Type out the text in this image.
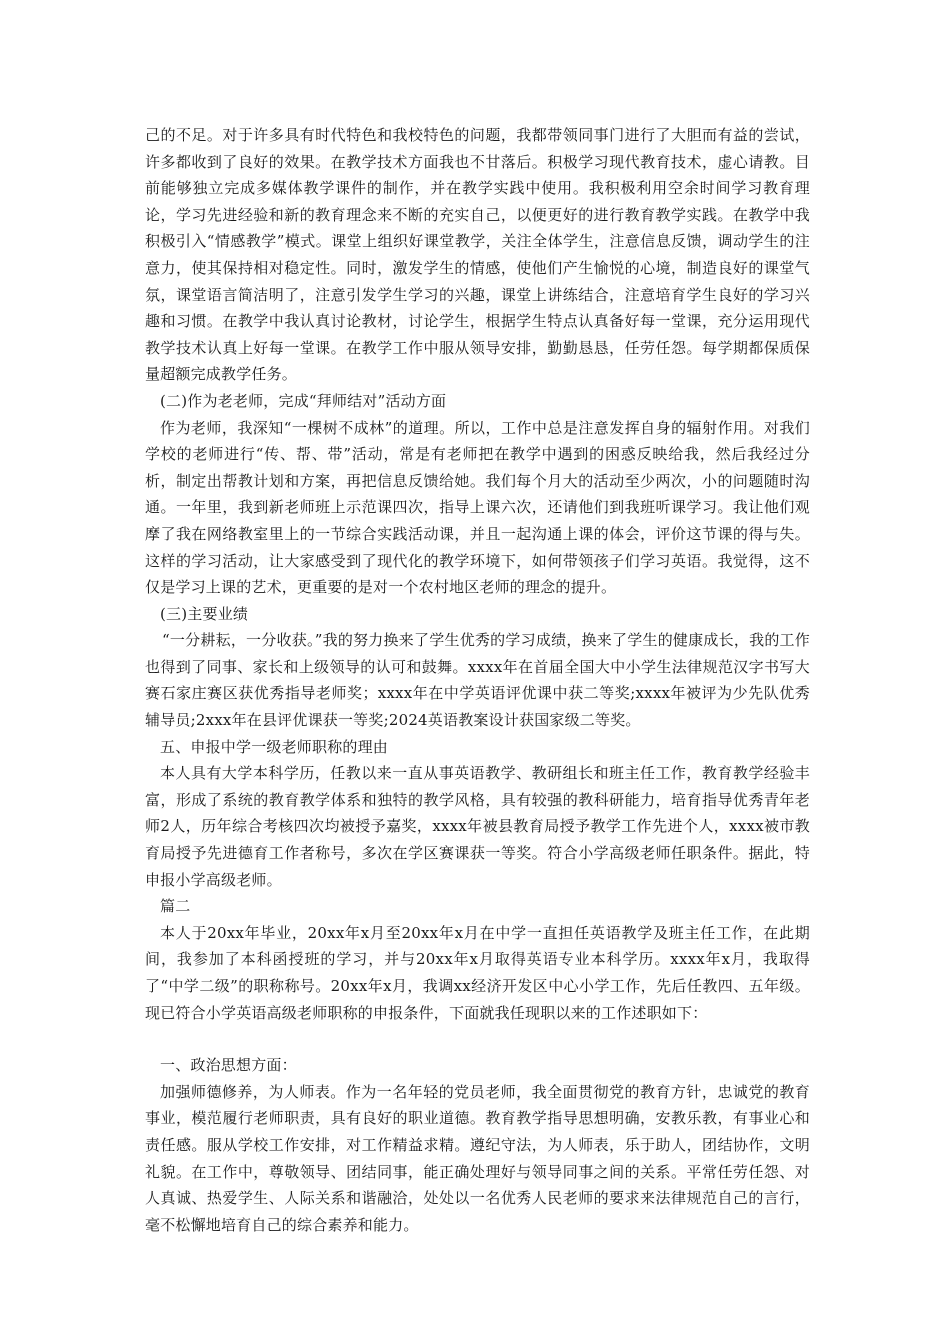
己的不足。对于许多具有时代特色和我校特色的问题，我都带领同事门进行了大胆而有益的尝试，许多都收到了良好的效果。在教学技术方面我也不甘落后。积极学习现代教育技术，虚心请教。目前能够独立完成多媒体教学课件的制作，并在教学实践中使用。我积极利用空余时间学习教育理论，学习先进经验和新的教育理念来不断的充实自己，以便更好的进行教育教学实践。在教学中我积极引入“情感教学”模式。课堂上组织好课堂教学，关注全体学生，注意信息反馈，调动学生的注意力，使其保持相对稳定性。同时，激发学生的情感，使他们产生愉悦的心境，制造良好的课堂气氛，课堂语言简洁明了，注意引发学生学习的兴趣，课堂上讲练结合，注意培育学生良好的学习兴趣和习惯。在教学中我认真讨论教材，讨论学生，根据学生特点认真备好每一堂课，充分运用现代教学技术认真上好每一堂课。在教学工作中服从领导安排，勤勤恳恳，任劳任怨。每学期都保质保量超额完成教学任务。

(二)作为老老师，完成“拜师结对”活动方面

作为老师，我深知“一棵树不成林”的道理。所以，工作中总是注意发挥自身的辐射作用。对我们学校的老师进行“传、帮、带”活动，常是有老师把在教学中遇到的困惑反映给我，然后我经过分析，制定出帮教计划和方案，再把信息反馈给她。我们每个月大的活动至少两次，小的问题随时沟通。一年里，我到新老师班上示范课四次，指导上课六次，还请他们到我班听课学习。我让他们观摩了我在网络教室里上的一节综合实践活动课，并且一起沟通上课的体会，评价这节课的得与失。这样的学习活动，让大家感受到了现代化的教学环境下，如何带领孩子们学习英语。我觉得，这不仅是学习上课的艺术，更重要的是对一个农村地区老师的理念的提升。

(三)主要业绩

“一分耕耘，一分收获。”我的努力换来了学生优秀的学习成绩，换来了学生的健康成长，我的工作也得到了同事、家长和上级领导的认可和鼓舞。xxxx年在首届全国大中小学生法律规范汉字书写大赛石家庄赛区获优秀指导老师奖；xxxx年在中学英语评优课中获二等奖;xxxx年被评为少先队优秀辅导员;2xxx年在县评优课获一等奖;2024英语教案设计获国家级二等奖。

五、申报中学一级老师职称的理由

本人具有大学本科学历，任教以来一直从事英语教学、教研组长和班主任工作，教育教学经验丰富，形成了系统的教育教学体系和独特的教学风格，具有较强的教科研能力，培育指导优秀青年老师2人，历年综合考核四次均被授予嘉奖，xxxx年被县教育局授予教学工作先进个人，xxxx被市教育局授予先进德育工作者称号，多次在学区赛课获一等奖。符合小学高级老师任职条件。据此，特申报小学高级老师。

篇二

本人于20xx年毕业，20xx年x月至20xx年x月在中学一直担任英语教学及班主任工作，在此期间，我参加了本科函授班的学习，并与20xx年x月取得英语专业本科学历。xxxx年x月，我取得了“中学二级”的职称称号。20xx年x月，我调xx经济开发区中心小学工作，先后任教四、五年级。现已符合小学英语高级老师职称的申报条件，下面就我任现职以来的工作述职如下：

一、政治思想方面：

加强师德修养，为人师表。作为一名年轻的党员老师，我全面贯彻党的教育方针，忠诚党的教育事业，模范履行老师职责，具有良好的职业道德。教育教学指导思想明确，安教乐教，有事业心和责任感。服从学校工作安排，对工作精益求精。遵纪守法，为人师表，乐于助人，团结协作，文明礼貌。在工作中，尊敬领导、团结同事，能正确处理好与领导同事之间的关系。平常任劳任怨、对人真诚、热爱学生、人际关系和谐融洽，处处以一名优秀人民老师的要求来法律规范自己的言行，毫不松懈地培育自己的综合素养和能力。
